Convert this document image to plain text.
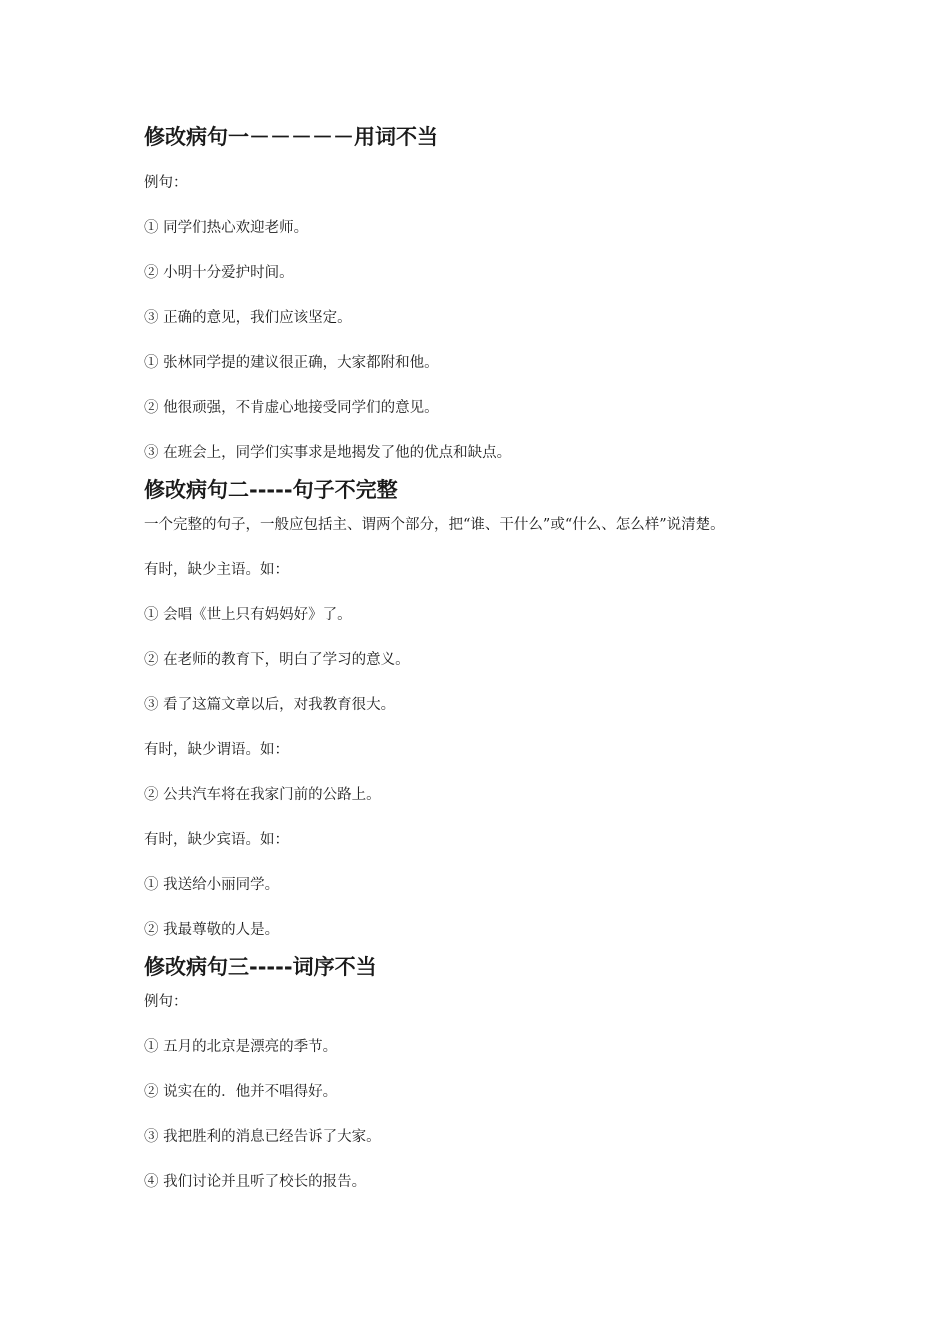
修改病句一－－－－－用词不当

例句：

① 同学们热心欢迎老师。

② 小明十分爱护时间。

③ 正确的意见，我们应该坚定。

① 张林同学提的建议很正确，大家都附和他。

② 他很顽强，不肯虚心地接受同学们的意见。

③ 在班会上，同学们实事求是地揭发了他的优点和缺点。

修改病句二-----句子不完整

一个完整的句子，一般应包括主、谓两个部分，把“谁、干什么”或“什么、怎么样”说清楚。

有时，缺少主语。如：

① 会唱《世上只有妈妈好》了。

② 在老师的教育下，明白了学习的意义。

③ 看了这篇文章以后，对我教育很大。

有时，缺少谓语。如：

② 公共汽车将在我家门前的公路上。

有时，缺少宾语。如：

① 我送给小丽同学。

② 我最尊敬的人是。

修改病句三-----词序不当

例句：

① 五月的北京是漂亮的季节。

② 说实在的．他并不唱得好。

③ 我把胜利的消息已经告诉了大家。

④ 我们讨论并且听了校长的报告。
